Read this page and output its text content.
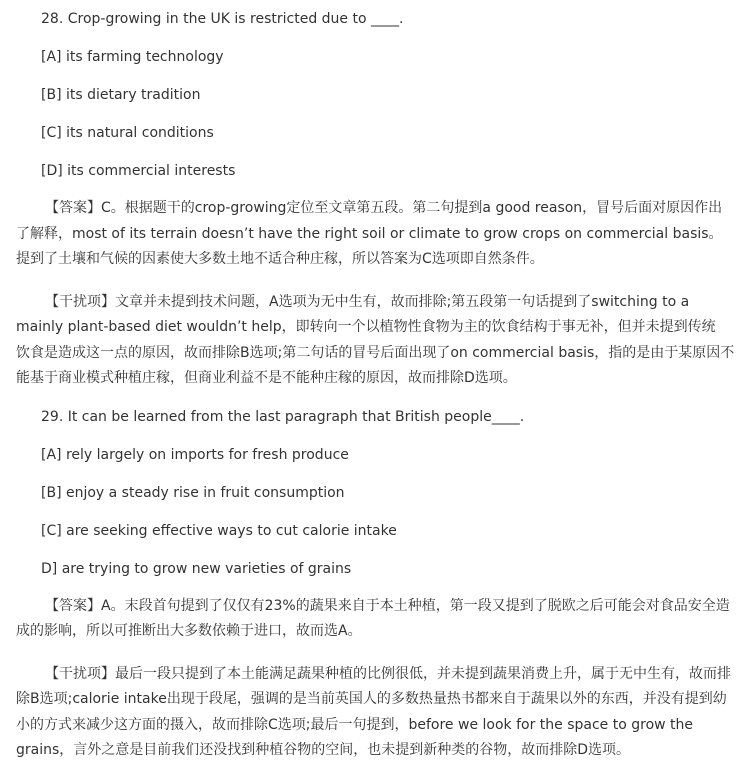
28. Crop-growing in the UK is restricted due to ____.

[A] its farming technology

[B] its dietary tradition

[C] its natural conditions

[D] its commercial interests

【答案】C。根据题干的crop-growing定位至文章第五段。第二句提到a good reason，冒号后面对原因作出
了解释，most of its terrain doesn’t have the right soil or climate to grow crops on commercial basis。
提到了土壤和气候的因素使大多数土地不适合种庄稼，所以答案为C选项即自然条件。
【干扰项】文章并未提到技术问题，A选项为无中生有，故而排除;第五段第一句话提到了switching to a
mainly plant-based diet wouldn’t help，即转向一个以植物性食物为主的饮食结构于事无补，但并未提到传统
饮食是造成这一点的原因，故而排除B选项;第二句话的冒号后面出现了on commercial basis，指的是由于某原因不
能基于商业模式种植庄稼，但商业利益不是不能种庄稼的原因，故而排除D选项。

29. It can be learned from the last paragraph that British people____.

[A] rely largely on imports for fresh produce

[B] enjoy a steady rise in fruit consumption

[C] are seeking effective ways to cut calorie intake

D] are trying to grow new varieties of grains

【答案】A。末段首句提到了仅仅有23%的蔬果来自于本土种植，第一段又提到了脱欧之后可能会对食品安全造
成的影响，所以可推断出大多数依赖于进口，故而选A。
【干扰项】最后一段只提到了本土能满足蔬果种植的比例很低，并未提到蔬果消费上升，属于无中生有，故而排
除B选项;calorie intake出现于段尾，强调的是当前英国人的多数热量热书都来自于蔬果以外的东西，并没有提到幼
小的方式来减少这方面的摄入，故而排除C选项;最后一句提到，before we look for the space to grow the
grains，言外之意是目前我们还没找到种植谷物的空间，也未提到新种类的谷物，故而排除D选项。
